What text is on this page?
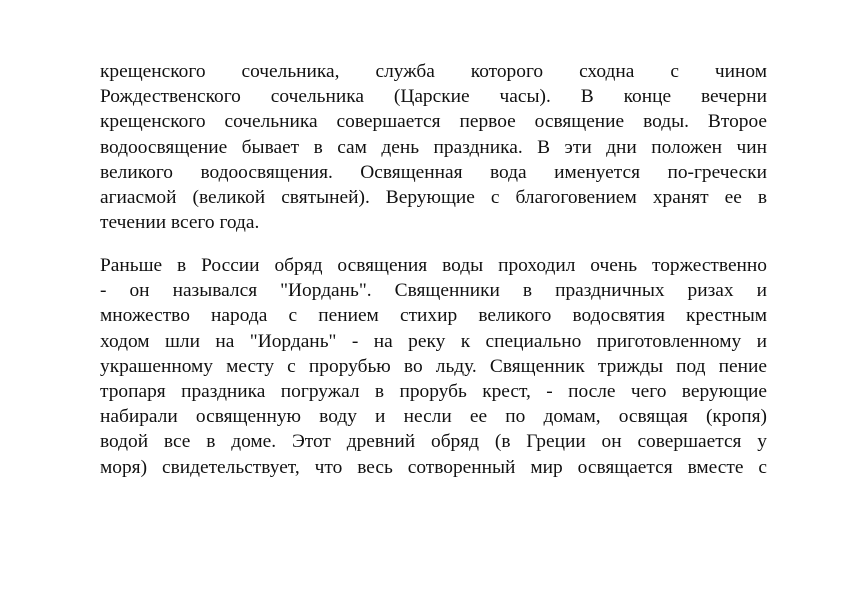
крещенского сочельника, служба которого сходна с чином
Рождественского сочельника (Царские часы). В конце вечерни
крещенского сочельника совершается первое освящение воды. Второе
водоосвящение бывает в сам день праздника. В эти дни положен чин
великого водоосвящения. Освященная вода именуется по-гречески
агиасмой (великой святыней). Верующие с благоговением хранят ее в
течении всего года.
Раньше в России обряд освящения воды проходил очень торжественно
- он назывался "Иордань". Священники в праздничных ризах и
множество народа с пением стихир великого водосвятия крестным
ходом шли на "Иордань" - на реку к специально приготовленному и
украшенному месту с прорубью во льду. Священник трижды под пение
тропаря праздника погружал в прорубь крест, - после чего верующие
набирали освященную воду и несли ее по домам, освящая (кропя)
водой все в доме. Этот древний обряд (в Греции он совершается у
моря) свидетельствует, что весь сотворенный мир освящается вместе с
